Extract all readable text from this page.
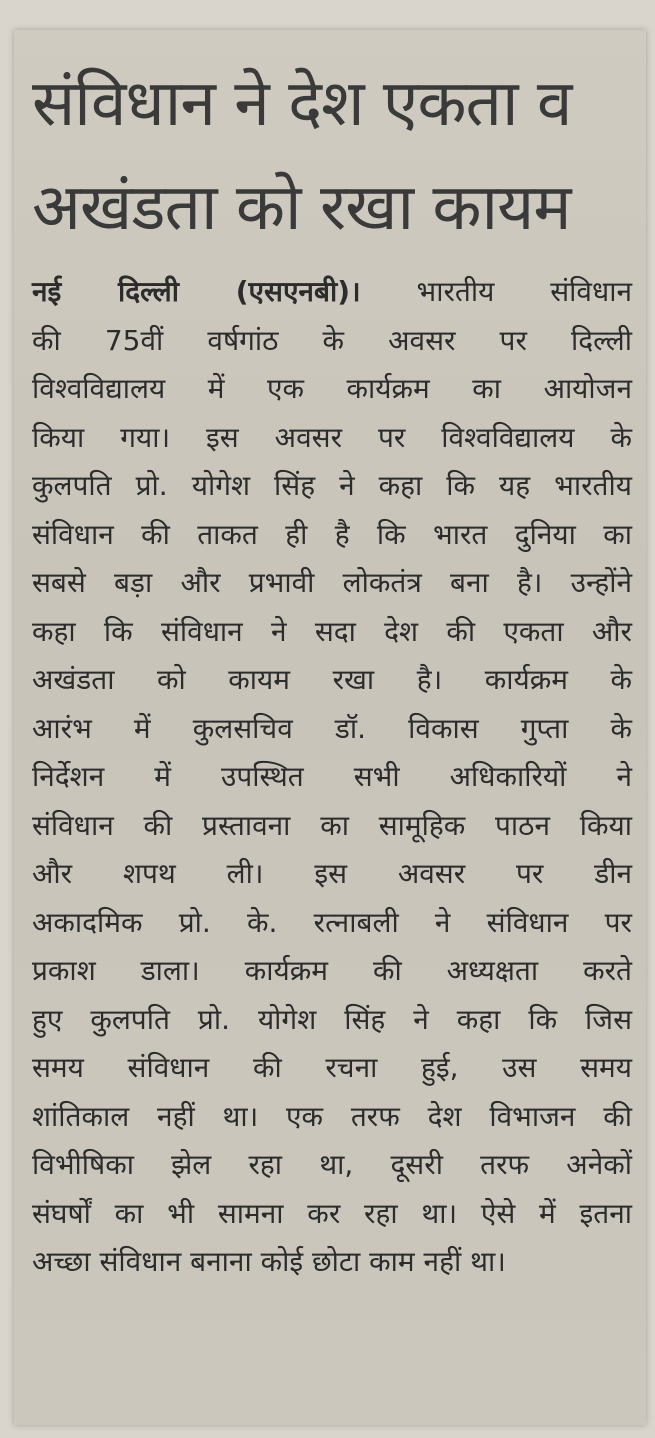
संविधान ने देश एकता व
अखंडता को रखा कायम
नई दिल्ली (एसएनबी)। भारतीय संविधान
की 75वीं वर्षगांठ के अवसर पर दिल्ली
विश्वविद्यालय में एक कार्यक्रम का आयोजन
किया गया। इस अवसर पर विश्वविद्यालय के
कुलपति प्रो. योगेश सिंह ने कहा कि यह भारतीय
संविधान की ताकत ही है कि भारत दुनिया का
सबसे बड़ा और प्रभावी लोकतंत्र बना है। उन्होंने
कहा कि संविधान ने सदा देश की एकता और
अखंडता को कायम रखा है। कार्यक्रम के
आरंभ में कुलसचिव डॉ. विकास गुप्ता के
निर्देशन में उपस्थित सभी अधिकारियों ने
संविधान की प्रस्तावना का सामूहिक पाठन किया
और शपथ ली। इस अवसर पर डीन
अकादमिक प्रो. के. रत्नाबली ने संविधान पर
प्रकाश डाला। कार्यक्रम की अध्यक्षता करते
हुए कुलपति प्रो. योगेश सिंह ने कहा कि जिस
समय संविधान की रचना हुई, उस समय
शांतिकाल नहीं था। एक तरफ देश विभाजन की
विभीषिका झेल रहा था, दूसरी तरफ अनेकों
संघर्षों का भी सामना कर रहा था। ऐसे में इतना
अच्छा संविधान बनाना कोई छोटा काम नहीं था।
